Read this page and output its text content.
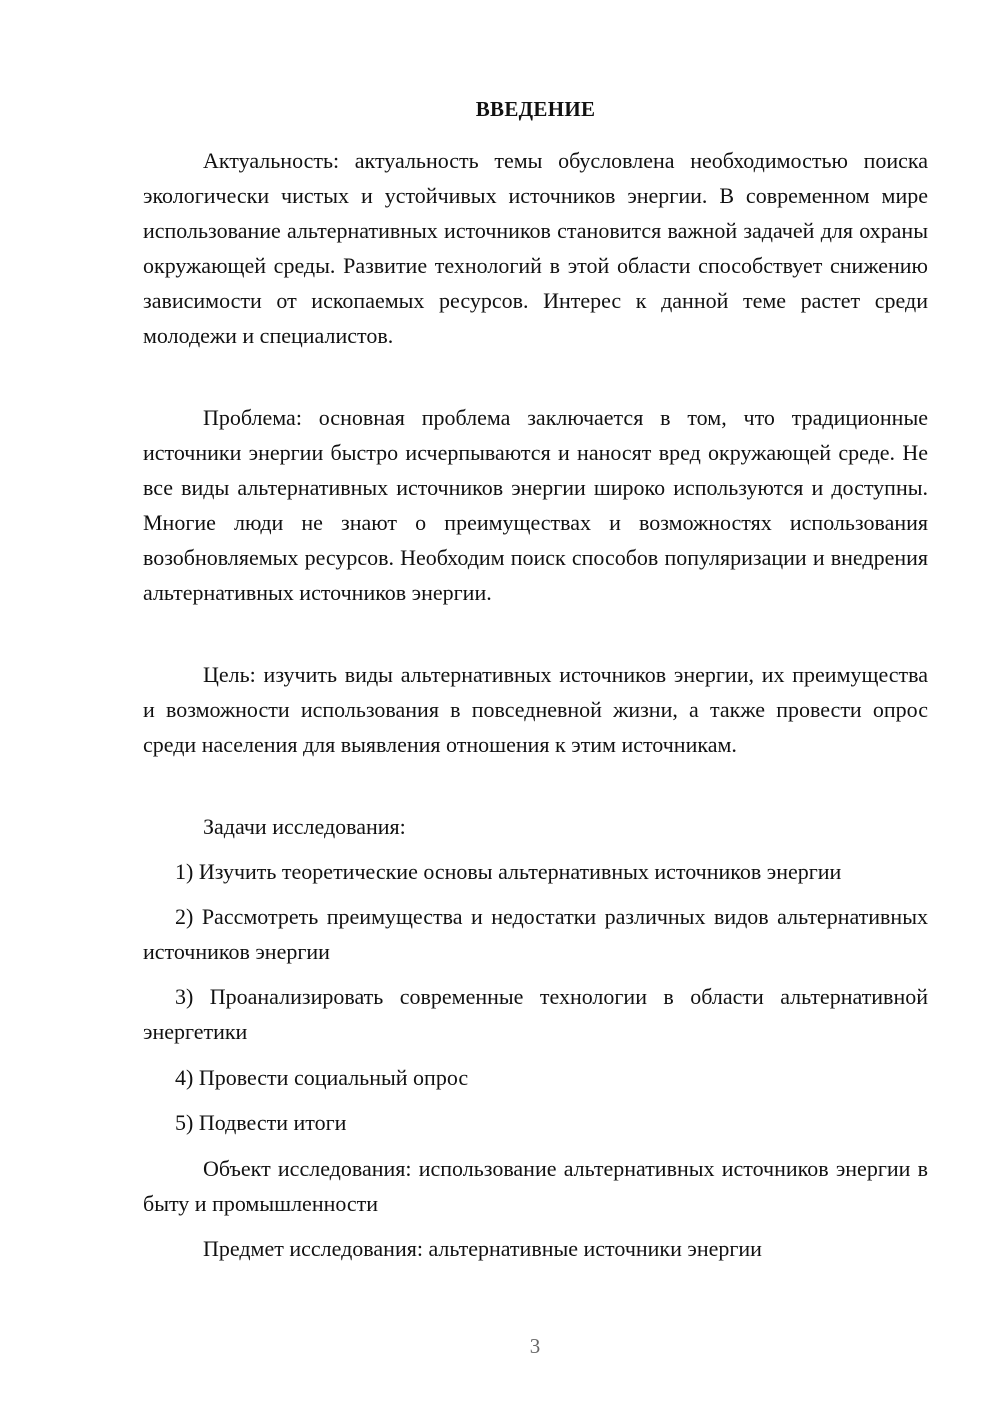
ВВЕДЕНИЕ

Актуальность: актуальность темы обусловлена необходимостью поиска экологически чистых и устойчивых источников энергии. В современном мире использование альтернативных источников становится важной задачей для охраны окружающей среды. Развитие технологий в этой области способствует снижению зависимости от ископаемых ресурсов. Интерес к данной теме растет среди молодежи и специалистов.

Проблема: основная проблема заключается в том, что традиционные источники энергии быстро исчерпываются и наносят вред окружающей среде. Не все виды альтернативных источников энергии широко используются и доступны. Многие люди не знают о преимуществах и возможностях использования возобновляемых ресурсов. Необходим поиск способов популяризации и внедрения альтернативных источников энергии.

Цель: изучить виды альтернативных источников энергии, их преимущества и возможности использования в повседневной жизни, а также провести опрос среди населения для выявления отношения к этим источникам.

Задачи исследования:

1) Изучить теоретические основы альтернативных источников энергии

2) Рассмотреть преимущества и недостатки различных видов альтернативных источников энергии

3) Проанализировать современные технологии в области альтернативной энергетики

4) Провести социальный опрос

5) Подвести итоги

Объект исследования: использование альтернативных источников энергии в быту и промышленности

Предмет исследования: альтернативные источники энергии

3
